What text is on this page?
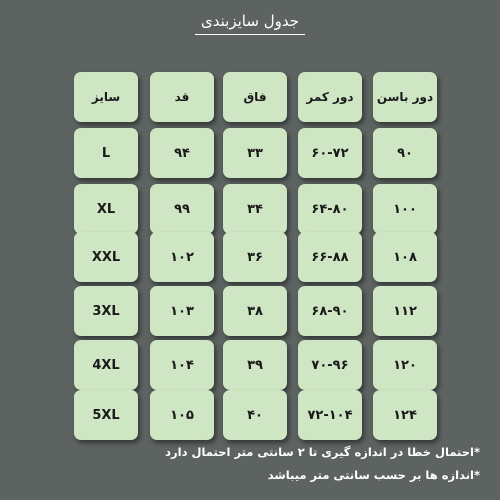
جدول سایزبندی
سایز	قد	فاق	دور کمر	دور باسن
L	۹۴	۳۳	۶۰-۷۲	۹۰
XL	۹۹	۳۴	۶۴-۸۰	۱۰۰
XXL	۱۰۲	۳۶	۶۶-۸۸	۱۰۸
3XL	۱۰۳	۳۸	۶۸-۹۰	۱۱۲
4XL	۱۰۴	۳۹	۷۰-۹۶	۱۲۰
5XL	۱۰۵	۴۰	۷۲-۱۰۴	۱۲۴
*احتمال خطا در اندازه گیری تا ۲ سانتی متر احتمال دارد
*اندازه ها بر حسب سانتی متر میباشد
